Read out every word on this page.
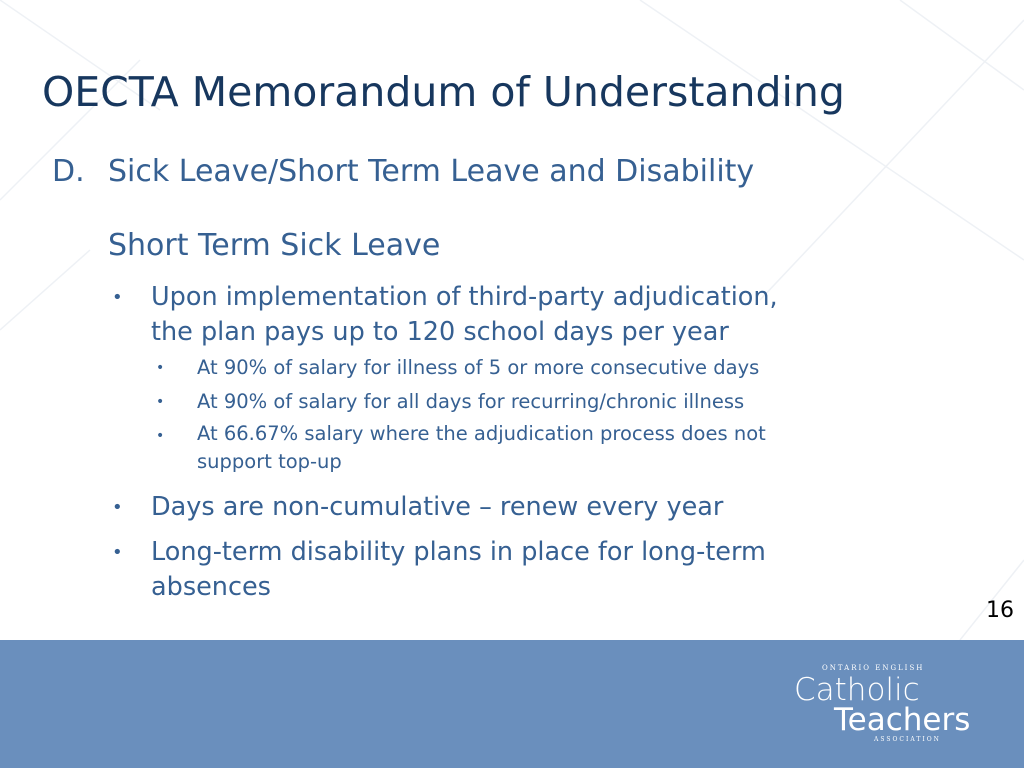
OECTA Memorandum of Understanding
D. Sick Leave/Short Term Leave and Disability
Short Term Sick Leave
• Upon implementation of third-party adjudication,
the plan pays up to 120 school days per year
• At 90% of salary for illness of 5 or more consecutive days
• At 90% of salary for all days for recurring/chronic illness
• At 66.67% salary where the adjudication process does not
support top-up
• Days are non-cumulative – renew every year
• Long-term disability plans in place for long-term
absences
16
ONTARIO ENGLISH
Catholic
Teachers
ASSOCIATION
